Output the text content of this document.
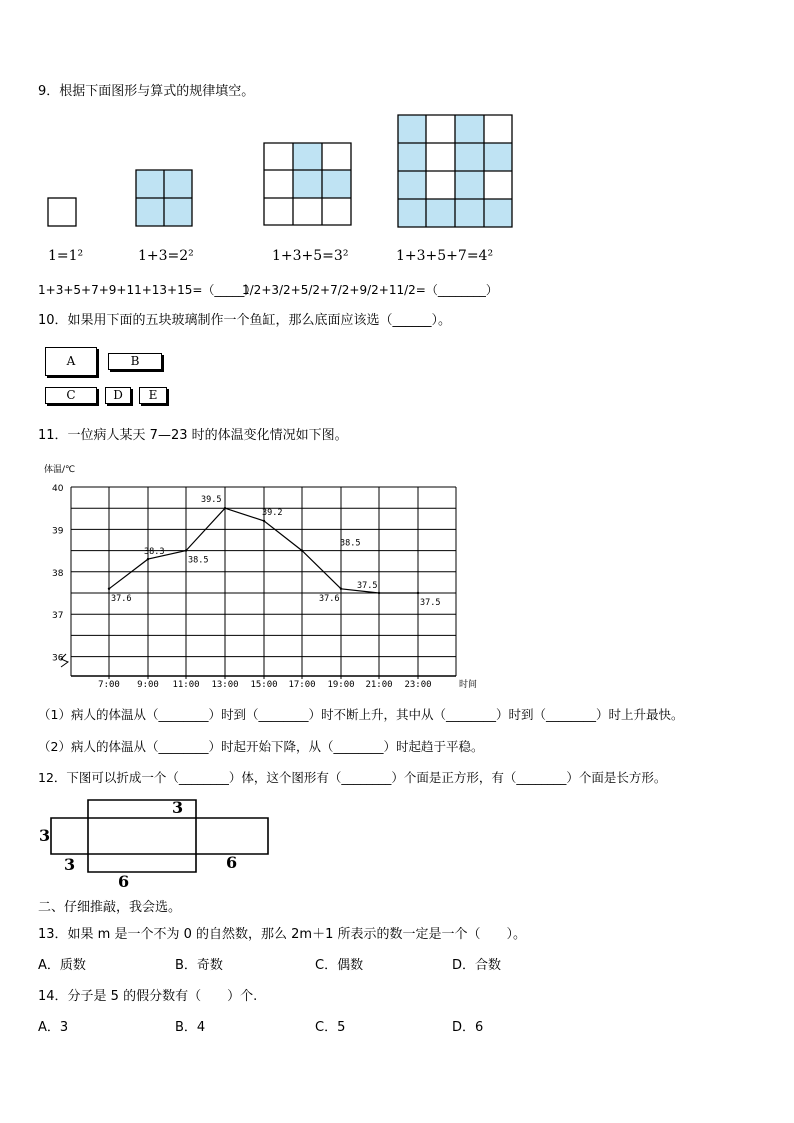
9．根据下面图形与算式的规律填空。
1=1²	1+3=2²	1+3+5=3²	1+3+5+7=4²
1+3+5+7+9+11+13+15=（_____）
1/2+3/2+5/2+7/2+9/2+11/2=（________）
10．如果用下面的五块玻璃制作一个鱼缸，那么底面应该选（______）。
A	B
C	D	E
11．一位病人某天 7—23 时的体温变化情况如下图。
体温/℃
36
37
38
39
40
7:00 9:00 11:00 13:00 15:00 17:00 19:00 21:00 23:00	时间
37.6
38.3
38.5
39.5
39.2
38.5
37.6
37.5
37.5
（1）病人的体温从（________）时到（________）时不断上升，其中从（________）时到（________）时上升最快。
（2）病人的体温从（________）时起开始下降，从（________）时起趋于平稳。
12．下图可以折成一个（________）体，这个图形有（________）个面是正方形，有（________）个面是长方形。
3
3
3	6
6
二、仔细推敲，我会选。
13．如果 m 是一个不为 0 的自然数，那么 2m＋1 所表示的数一定是一个（　　）。
A．质数	B．奇数	C．偶数	D．合数
14．分子是 5 的假分数有（　　）个.
A．3	B．4	C．5	D．6
